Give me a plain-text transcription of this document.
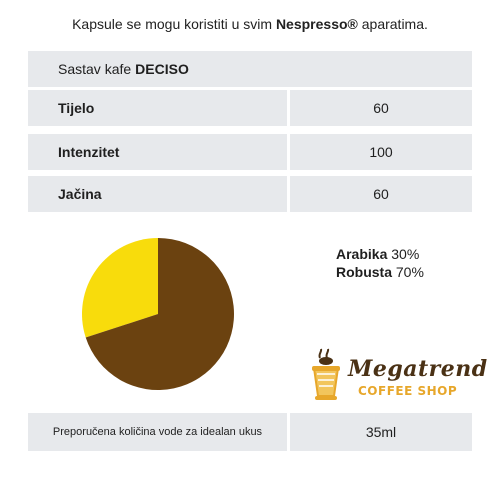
Kapsule se mogu koristiti u svim Nespresso® aparatima.
Sastav kafe DECISO
Tijelo	60
Intenzitet	100
Jačina	60
Arabika 30%
Robusta 70%
Megatrend
COFFEE SHOP
Preporučena količina vode za idealan ukus	35ml
